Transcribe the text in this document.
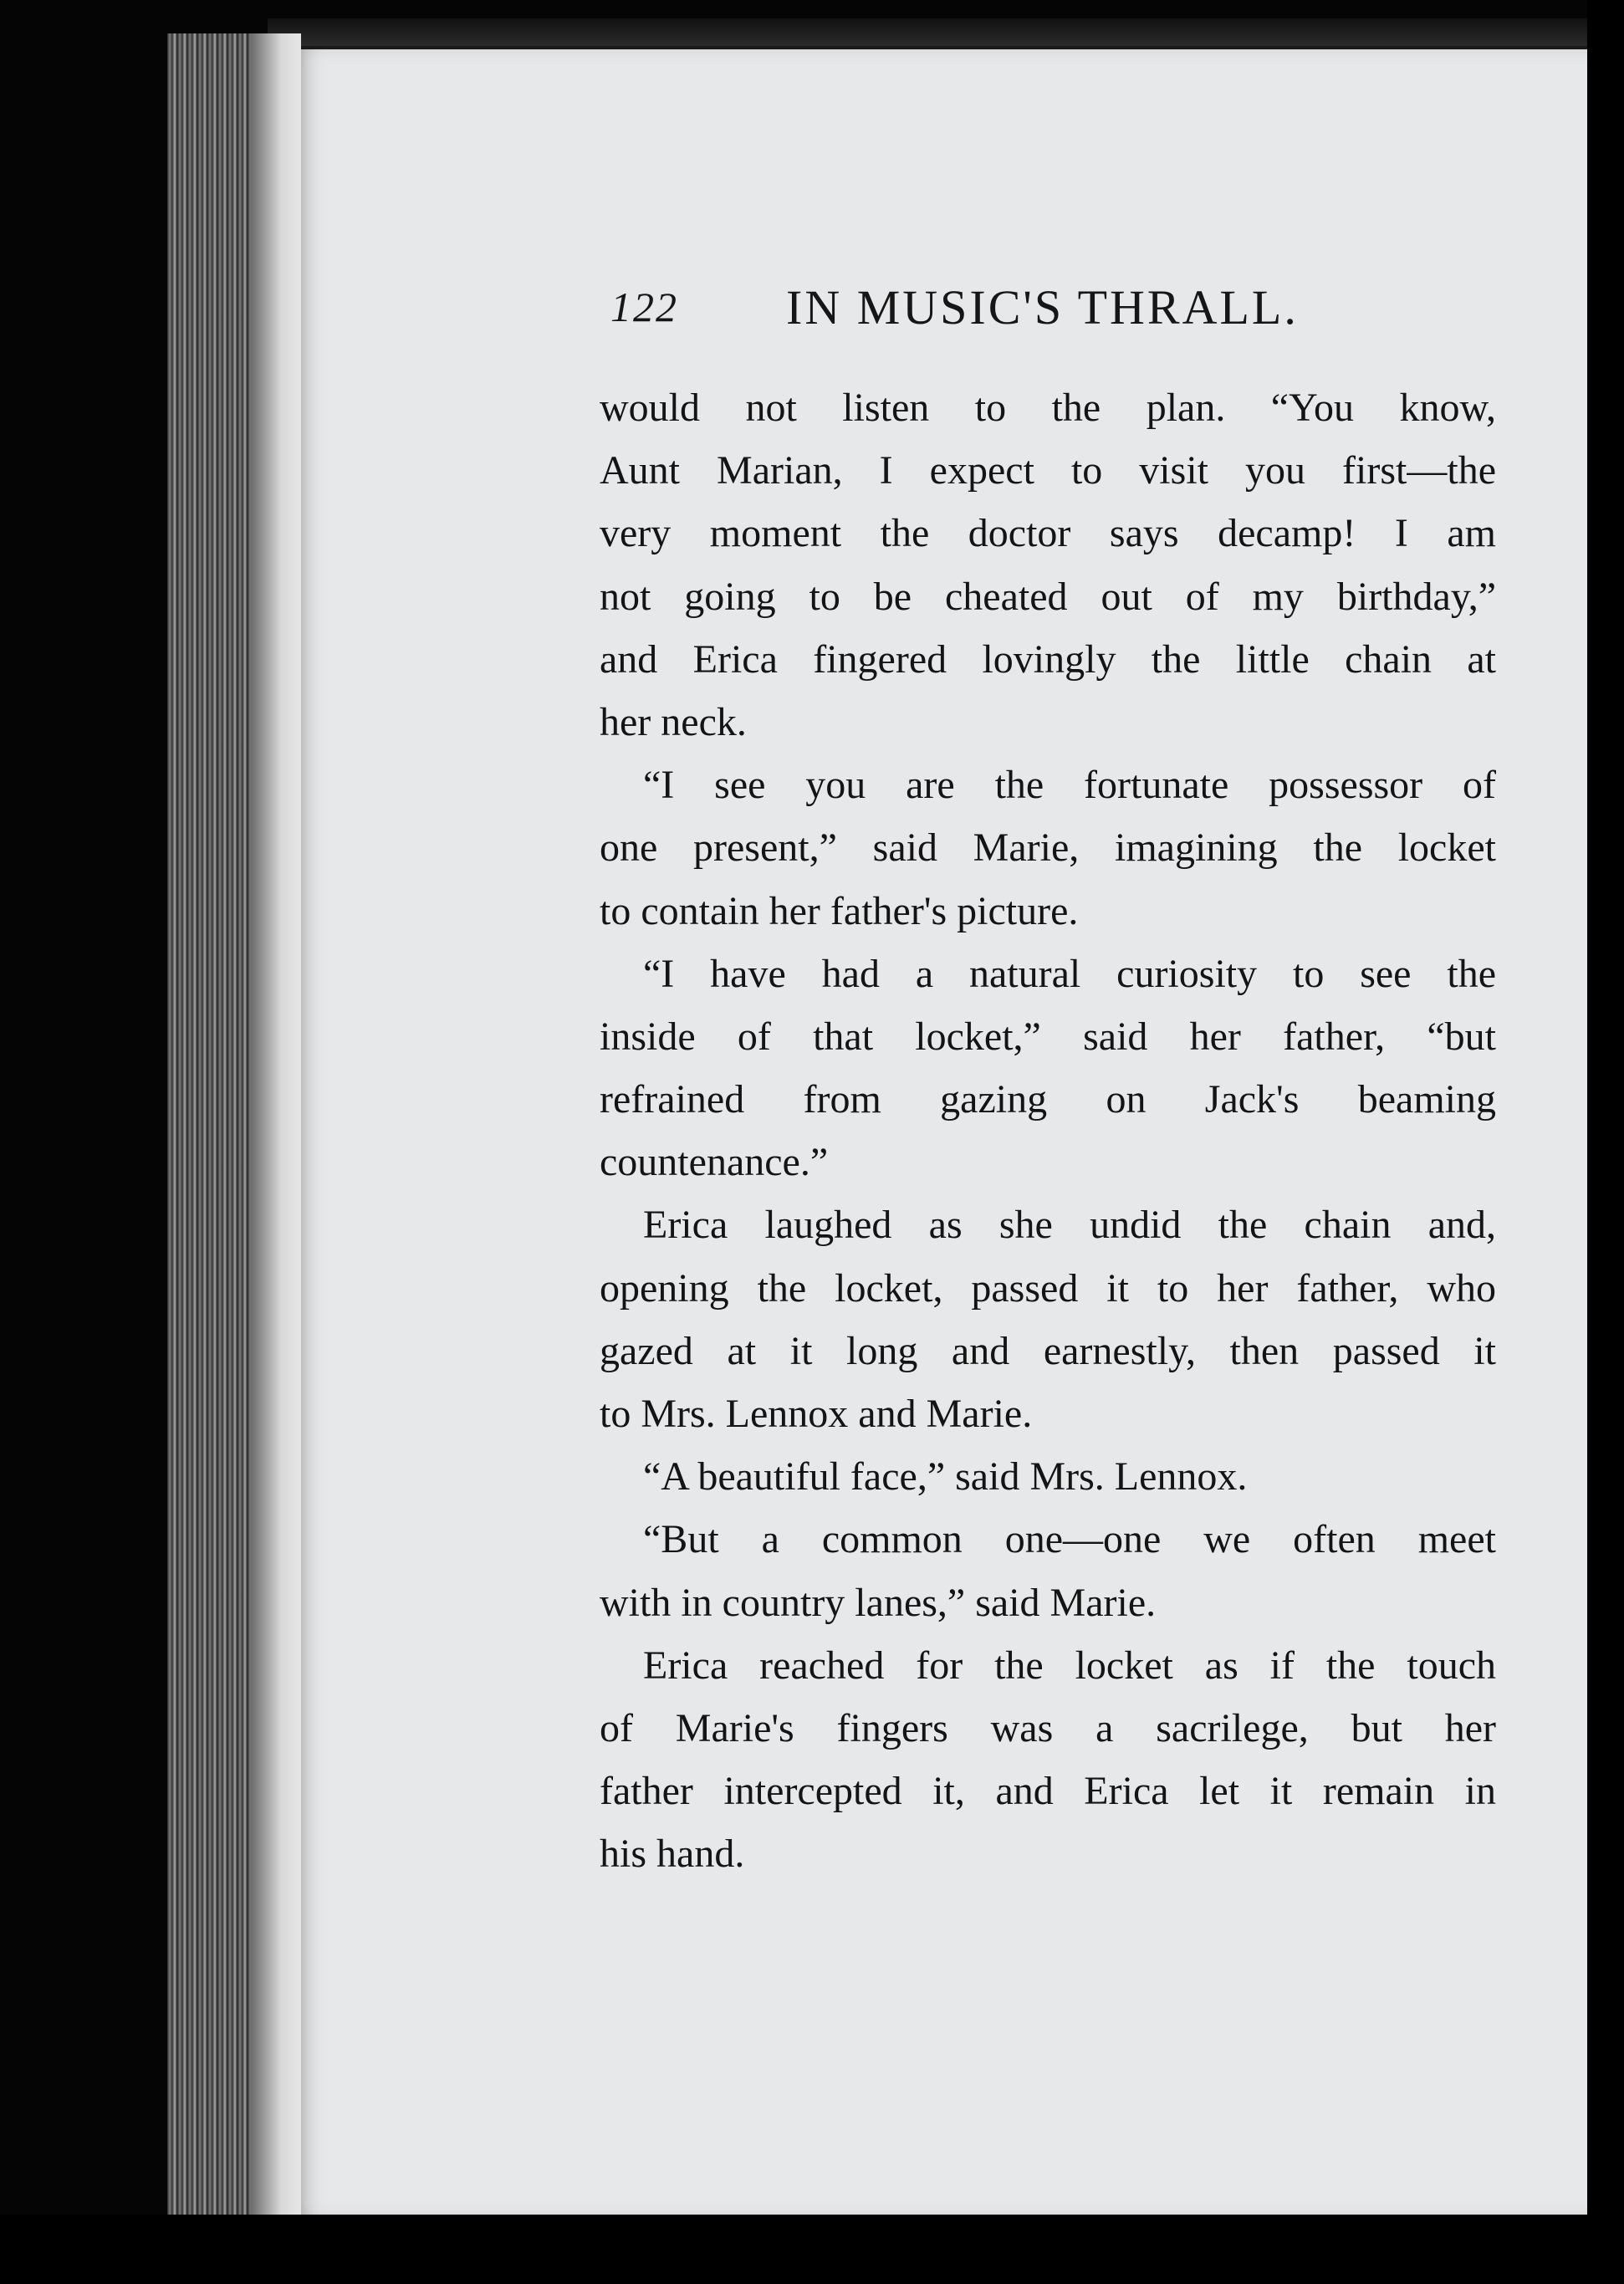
122 IN MUSIC'S THRALL.
would not listen to the plan. “You know,
Aunt Marian, I expect to visit you first—the
very moment the doctor says decamp! I am
not going to be cheated out of my birthday,”
and Erica fingered lovingly the little chain at
her neck.
“I see you are the fortunate possessor of
one present,” said Marie, imagining the locket
to contain her father's picture.
“I have had a natural curiosity to see the
inside of that locket,” said her father, “but
refrained from gazing on Jack's beaming
countenance.”
Erica laughed as she undid the chain and,
opening the locket, passed it to her father, who
gazed at it long and earnestly, then passed it
to Mrs. Lennox and Marie.
“A beautiful face,” said Mrs. Lennox.
“But a common one—one we often meet
with in country lanes,” said Marie.
Erica reached for the locket as if the touch
of Marie's fingers was a sacrilege, but her
father intercepted it, and Erica let it remain in
his hand.
